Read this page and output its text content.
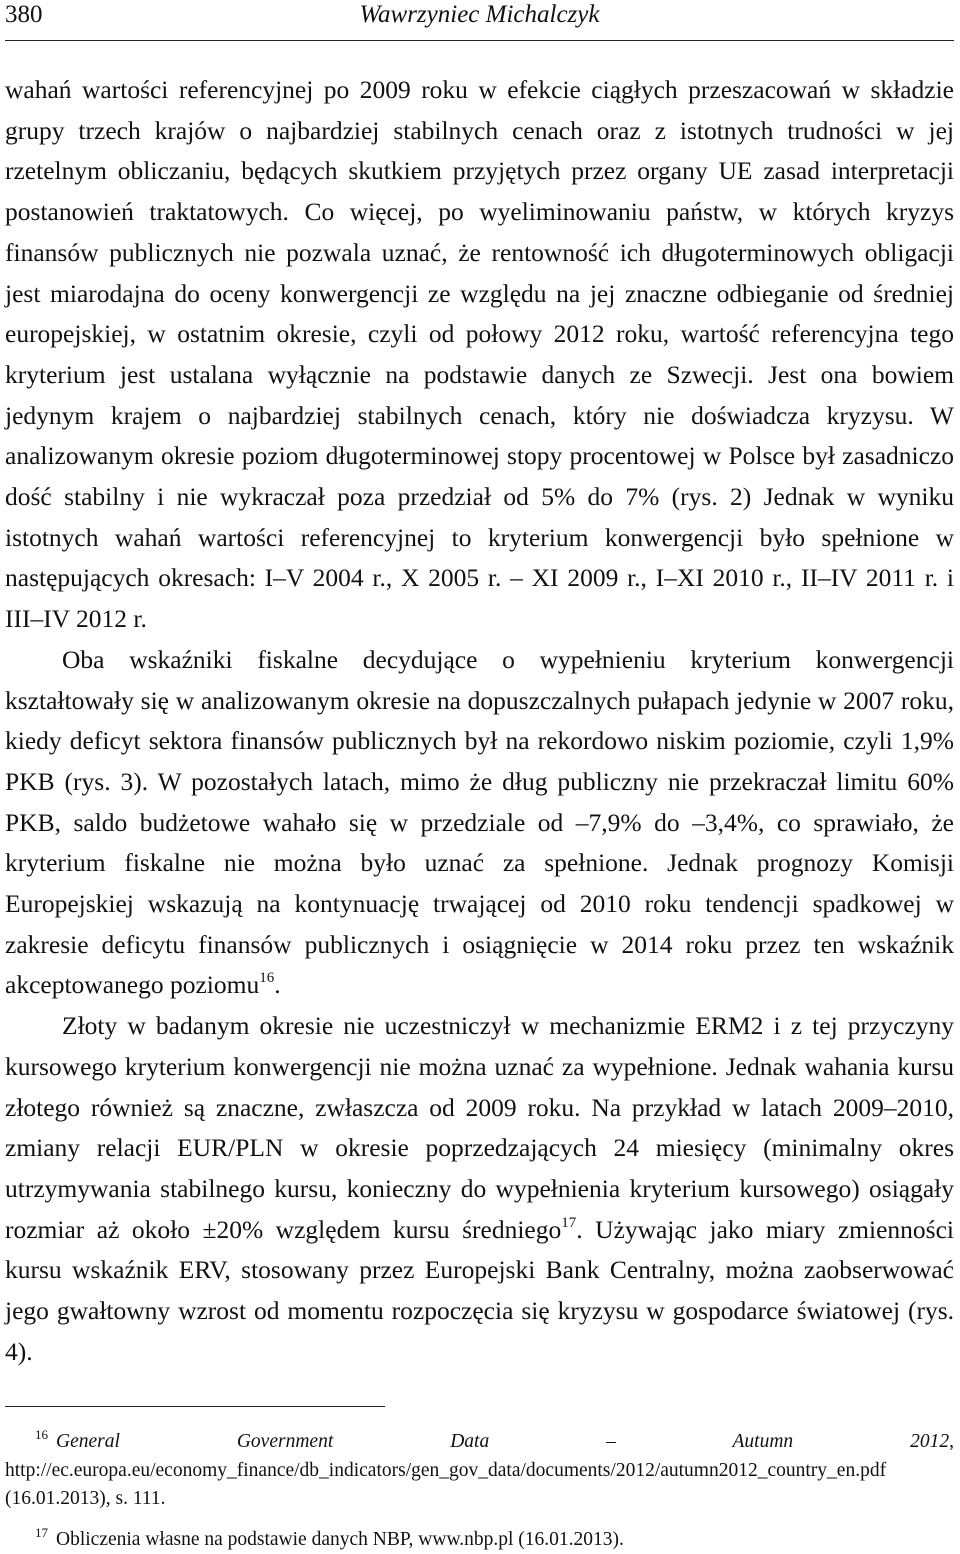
380	Wawrzyniec Michalczyk

wahań wartości referencyjnej po 2009 roku w efekcie ciągłych przeszacowań w składzie grupy trzech krajów o najbardziej stabilnych cenach oraz z istotnych trudności w jej rzetelnym obliczaniu, będących skutkiem przyjętych przez organy UE zasad interpretacji postanowień traktatowych. Co więcej, po wyeliminowaniu państw, w których kryzys finansów publicznych nie pozwala uznać, że rentowność ich długoterminowych obligacji jest miarodajna do oceny konwergencji ze względu na jej znaczne odbieganie od średniej europejskiej, w ostatnim okresie, czyli od połowy 2012 roku, wartość referencyjna tego kryterium jest ustalana wyłącznie na podstawie danych ze Szwecji. Jest ona bowiem jedynym krajem o najbardziej stabilnych cenach, który nie doświadcza kryzysu. W analizowanym okresie poziom długoterminowej stopy procentowej w Polsce był zasadniczo dość stabilny i nie wykraczał poza przedział od 5% do 7% (rys. 2) Jednak w wyniku istotnych wahań wartości referencyjnej to kryterium konwergencji było spełnione w następujących okresach: I–V 2004 r., X 2005 r. – XI 2009 r., I–XI 2010 r., II–IV 2011 r. i III–IV 2012 r.

Oba wskaźniki fiskalne decydujące o wypełnieniu kryterium konwergencji kształtowały się w analizowanym okresie na dopuszczalnych pułapach jedynie w 2007 roku, kiedy deficyt sektora finansów publicznych był na rekordowo niskim poziomie, czyli 1,9% PKB (rys. 3). W pozostałych latach, mimo że dług publiczny nie przekraczał limitu 60% PKB, saldo budżetowe wahało się w przedziale od –7,9% do –3,4%, co sprawiało, że kryterium fiskalne nie można było uznać za spełnione. Jednak prognozy Komisji Europejskiej wskazują na kontynuację trwającej od 2010 roku tendencji spadkowej w zakresie deficytu finansów publicznych i osiągnięcie w 2014 roku przez ten wskaźnik akceptowanego poziomu$^{16}$.

Złoty w badanym okresie nie uczestniczył w mechanizmie ERM2 i z tej przyczyny kursowego kryterium konwergencji nie można uznać za wypełnione. Jednak wahania kursu złotego również są znaczne, zwłaszcza od 2009 roku. Na przykład w latach 2009–2010, zmiany relacji EUR/PLN w okresie poprzedzających 24 miesięcy (minimalny okres utrzymywania stabilnego kursu, konieczny do wypełnienia kryterium kursowego) osiągały rozmiar aż około ±20% względem kursu średniego$^{17}$. Używając jako miary zmienności kursu wskaźnik ERV, stosowany przez Europejski Bank Centralny, można zaobserwować jego gwałtowny wzrost od momentu rozpoczęcia się kryzysu w gospodarce światowej (rys. 4).

$^{16}$ General Government Data – Autumn 2012, http://ec.europa.eu/economy_finance/db_indicators/gen_gov_data/documents/2012/autumn2012_country_en.pdf (16.01.2013), s. 111.

$^{17}$ Obliczenia własne na podstawie danych NBP, www.nbp.pl (16.01.2013).
